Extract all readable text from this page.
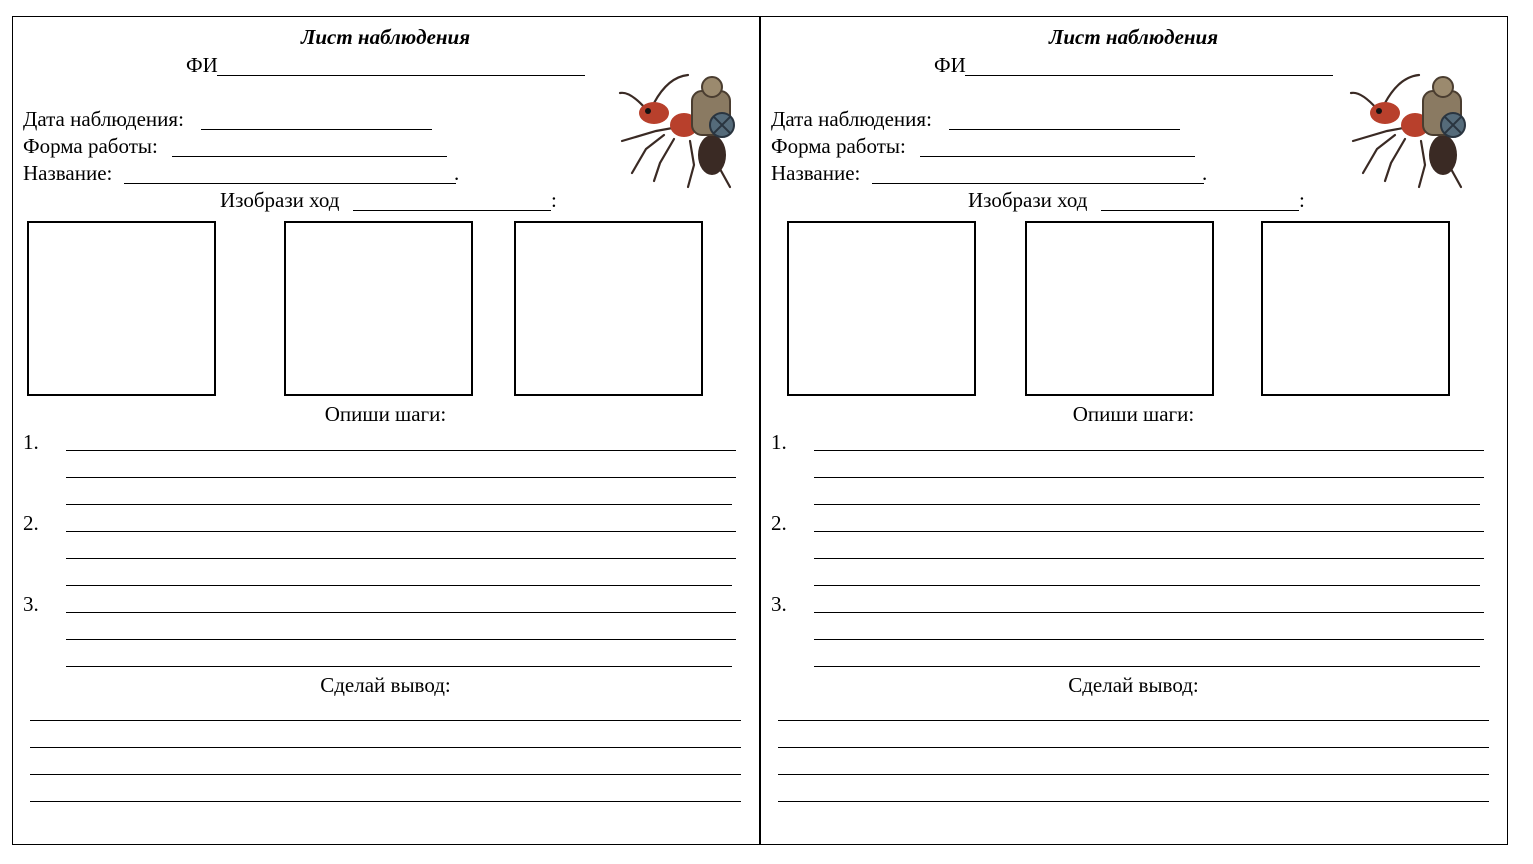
Лист наблюдения
ФИ
Дата наблюдения:
Форма работы:
Название:	.
Изобрази ход	:
Опиши шаги:
1.
2.
3.
Сделай вывод:
Лист наблюдения
ФИ
Дата наблюдения:
Форма работы:
Название:	.
Изобрази ход	:
Опиши шаги:
1.
2.
3.
Сделай вывод:
